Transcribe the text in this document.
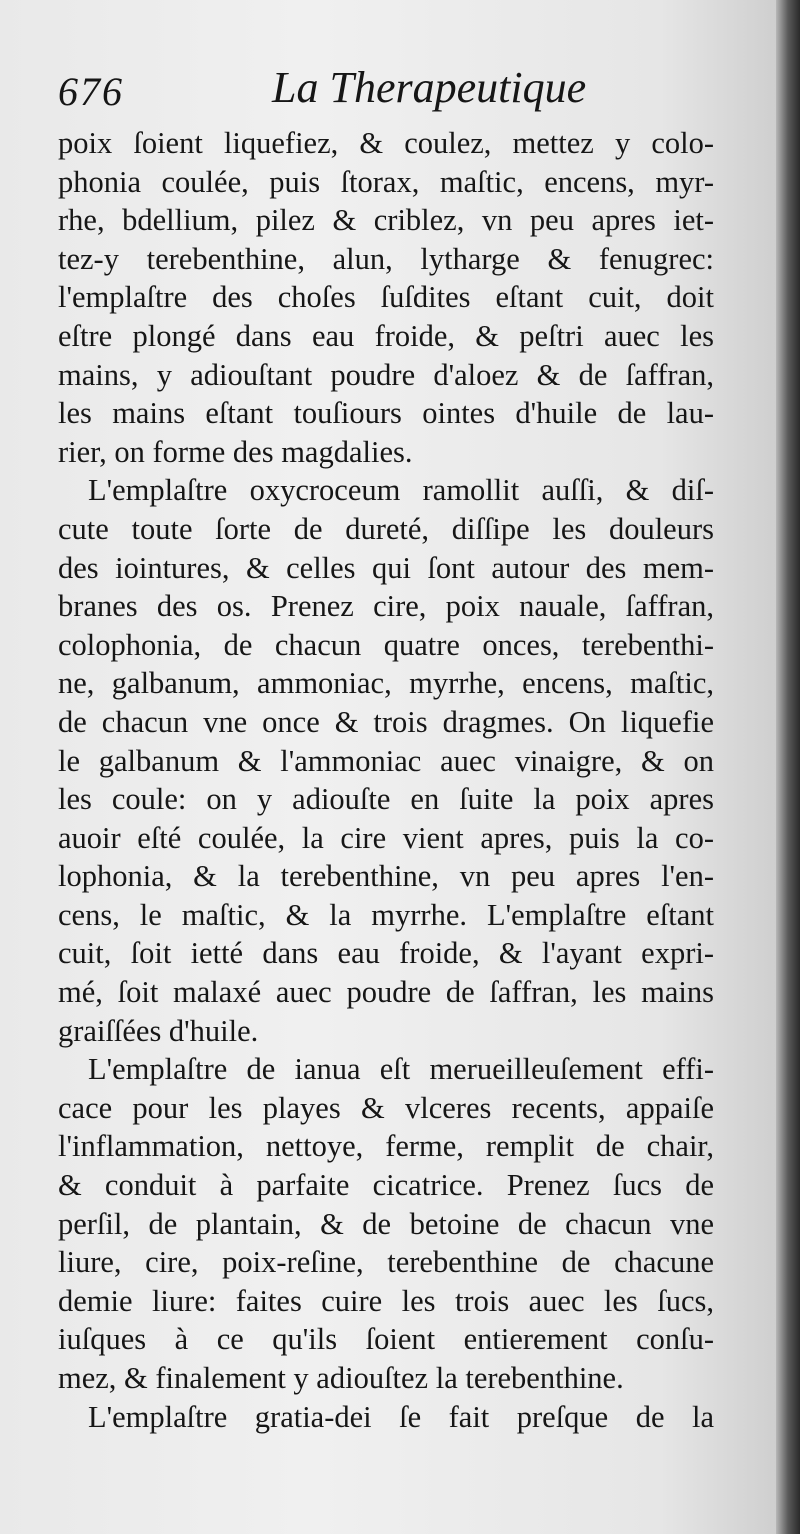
676	La Therapeutique

poix ſoient liquefiez, & coulez, mettez y colo-
phonia coulée, puis ſtorax, maſtic, encens, myr-
rhe, bdellium, pilez & criblez, vn peu apres iet-
tez-y terebenthine, alun, lytharge & fenugrec:
l'emplaſtre des choſes ſuſdites eſtant cuit, doit
eſtre plongé dans eau froide, & peſtri auec les
mains, y adiouſtant poudre d'aloez & de ſaffran,
les mains eſtant touſiours ointes d'huile de lau-
rier, on forme des magdalies.

L'emplaſtre oxycroceum ramollit auſſi, & diſ-
cute toute ſorte de dureté, diſſipe les douleurs
des iointures, & celles qui ſont autour des mem-
branes des os. Prenez cire, poix nauale, ſaffran,
colophonia, de chacun quatre onces, terebenthi-
ne, galbanum, ammoniac, myrrhe, encens, maſtic,
de chacun vne once & trois dragmes. On liquefie
le galbanum & l'ammoniac auec vinaigre, & on
les coule: on y adiouſte en ſuite la poix apres
auoir eſté coulée, la cire vient apres, puis la co-
lophonia, & la terebenthine, vn peu apres l'en-
cens, le maſtic, & la myrrhe. L'emplaſtre eſtant
cuit, ſoit ietté dans eau froide, & l'ayant expri-
mé, ſoit malaxé auec poudre de ſaffran, les mains
graiſſées d'huile.

L'emplaſtre de ianua eſt merueilleuſement effi-
cace pour les playes & vlceres recents, appaiſe
l'inflammation, nettoye, ferme, remplit de chair,
& conduit à parfaite cicatrice. Prenez ſucs de
perſil, de plantain, & de betoine de chacun vne
liure, cire, poix-reſine, terebenthine de chacune
demie liure: faites cuire les trois auec les ſucs,
iuſques à ce qu'ils ſoient entierement conſu-
mez, & finalement y adiouſtez la terebenthine.

L'emplaſtre gratia-dei ſe fait preſque de la
